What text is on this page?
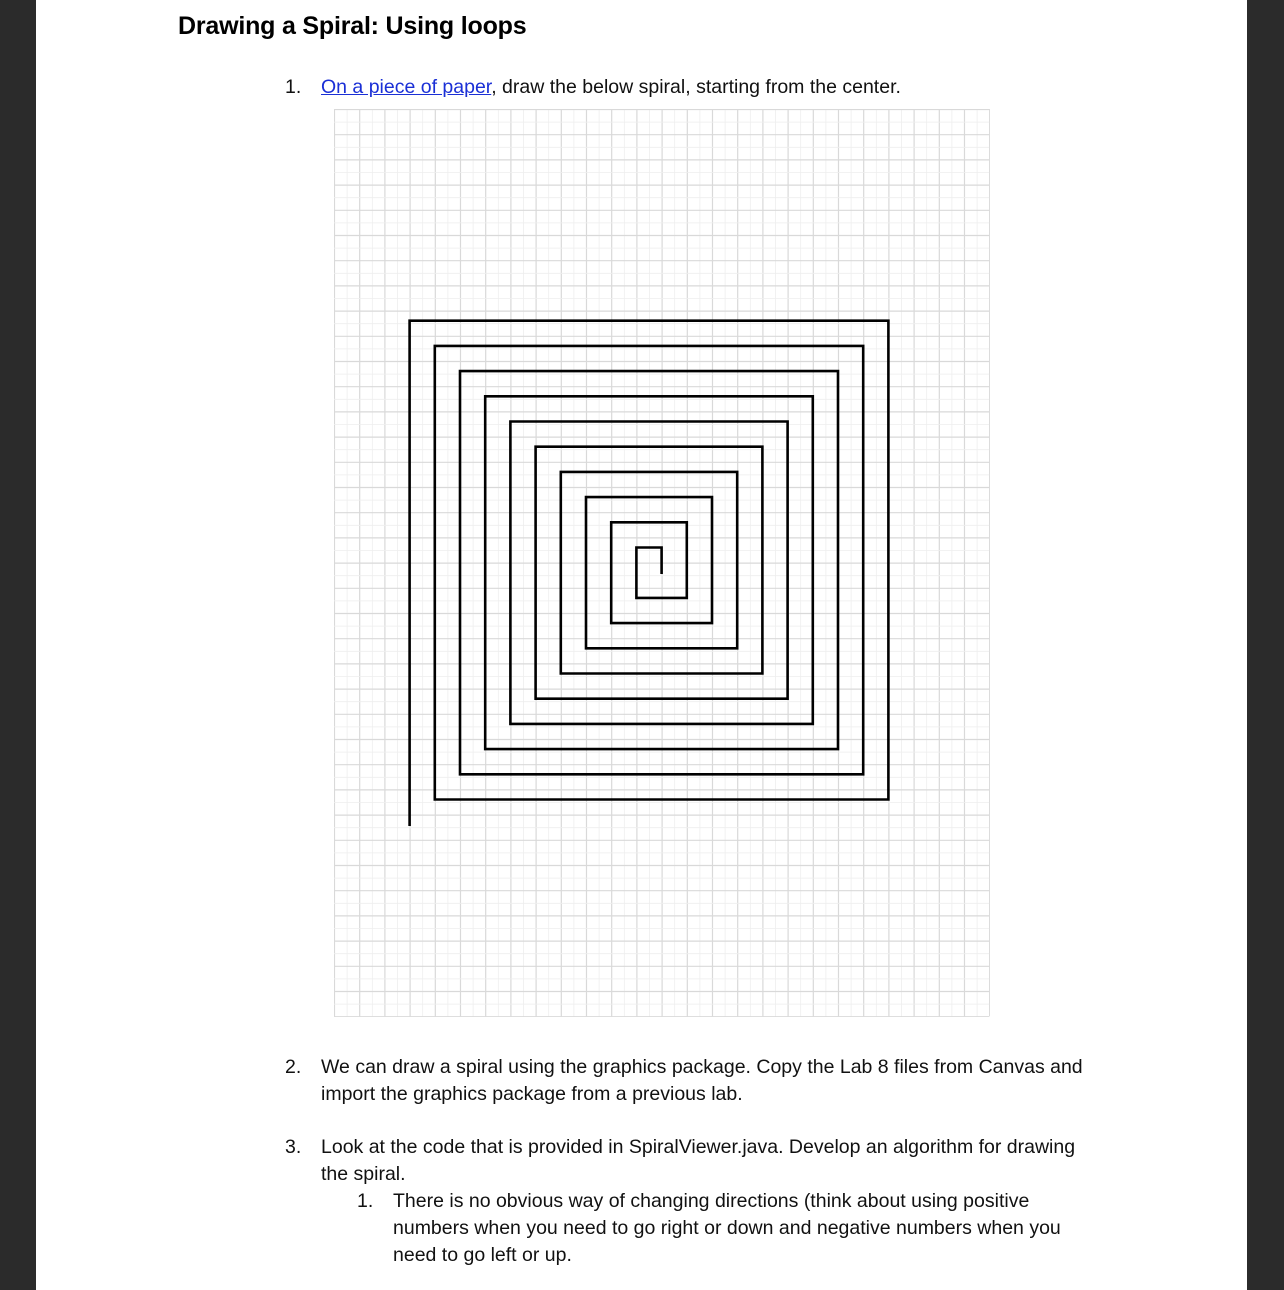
Drawing a Spiral: Using loops
1. On a piece of paper, draw the below spiral, starting from the center.
2. We can draw a spiral using the graphics package. Copy the Lab 8 files from Canvas and
import the graphics package from a previous lab.
3. Look at the code that is provided in SpiralViewer.java. Develop an algorithm for drawing
the spiral.
1. There is no obvious way of changing directions (think about using positive
numbers when you need to go right or down and negative numbers when you
need to go left or up.
